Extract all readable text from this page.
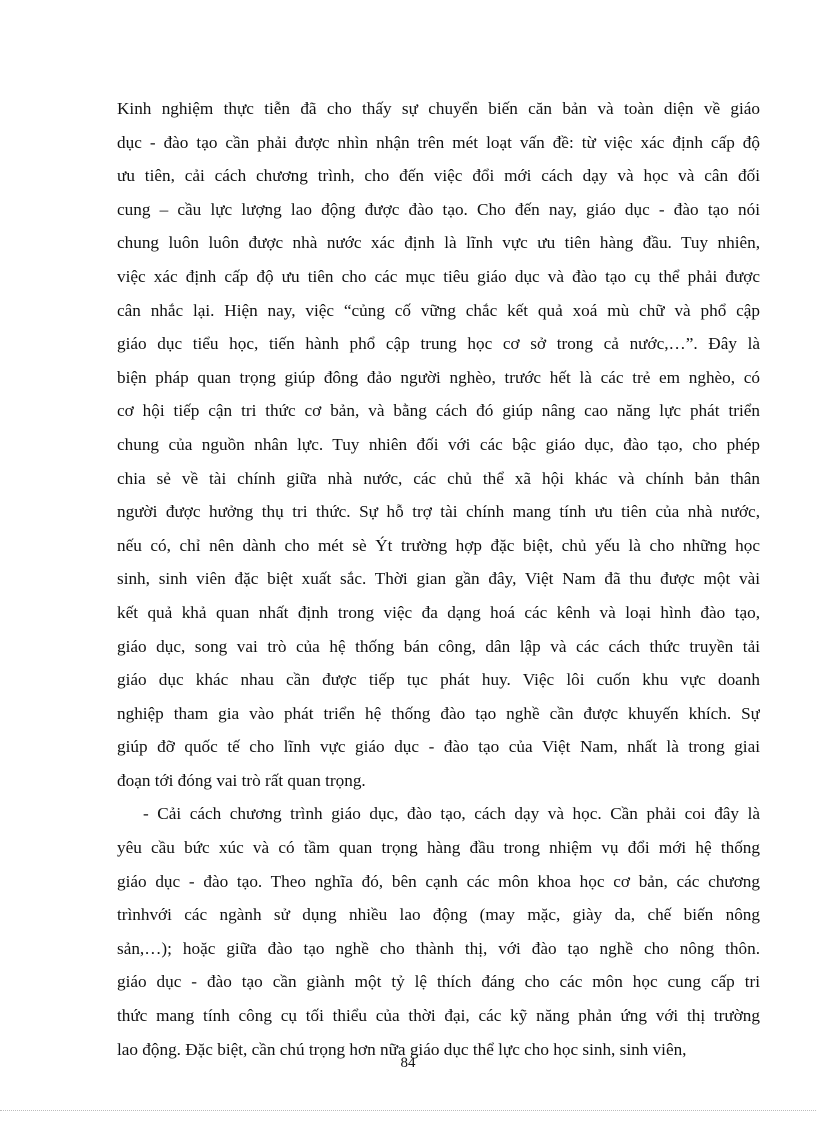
Kinh nghiệm thực tiễn đã cho thấy sự chuyển biến căn bản và toàn diện về giáo
dục - đào tạo cần phải được nhìn nhận trên mét loạt vấn đề: từ việc xác định cấp độ
ưu tiên, cải cách chương trình, cho đến việc đổi mới cách dạy và học và cân đối
cung – cầu lực lượng lao động được đào tạo. Cho đến nay, giáo dục - đào tạo nói
chung luôn luôn được nhà nước xác định là lĩnh vực ưu tiên hàng đầu. Tuy nhiên,
việc xác định cấp độ ưu tiên cho các mục tiêu giáo dục và đào tạo cụ thể phải được
cân nhắc lại. Hiện nay, việc “củng cố vững chắc kết quả xoá mù chữ và phổ cập
giáo dục tiểu học, tiến hành phổ cập trung học cơ sở trong cả nước,…”. Đây là
biện pháp quan trọng giúp đông đảo người nghèo, trước hết là các trẻ em nghèo, có
cơ hội tiếp cận tri thức cơ bản, và bằng cách đó giúp nâng cao năng lực phát triển
chung của nguồn nhân lực. Tuy nhiên đối với các bậc giáo dục, đào tạo, cho phép
chia sẻ về tài chính giữa nhà nước, các chủ thể xã hội khác và chính bản thân
người được hưởng thụ tri thức. Sự hỗ trợ tài chính mang tính ưu tiên của nhà nước,
nếu có, chỉ nên dành cho mét sè Ýt trường hợp đặc biệt, chủ yếu là cho những học
sinh, sinh viên đặc biệt xuất sắc. Thời gian gần đây, Việt Nam đã thu được một vài
kết quả khả quan nhất định trong việc đa dạng hoá các kênh và loại hình đào tạo,
giáo dục, song vai trò của hệ thống bán công, dân lập và các cách thức truyền tải
giáo dục khác nhau cần được tiếp tục phát huy. Việc lôi cuốn khu vực doanh
nghiệp tham gia vào phát triển hệ thống đào tạo nghề cần được khuyến khích. Sự
giúp đỡ quốc tế cho lĩnh vực giáo dục - đào tạo của Việt Nam, nhất là trong giai
đoạn tới đóng vai trò rất quan trọng.
- Cải cách chương trình giáo dục, đào tạo, cách dạy và học. Cần phải coi đây là
yêu cầu bức xúc và có tầm quan trọng hàng đầu trong nhiệm vụ đổi mới hệ thống
giáo dục - đào tạo. Theo nghĩa đó, bên cạnh các môn khoa học cơ bản, các chương
trìnhvới các ngành sử dụng nhiều lao động (may mặc, giày da, chế biến nông
sản,…); hoặc giữa đào tạo nghề cho thành thị, với đào tạo nghề cho nông thôn.
giáo dục - đào tạo cần giành một tỷ lệ thích đáng cho các môn học cung cấp tri
thức mang tính công cụ tối thiểu của thời đại, các kỹ năng phản ứng với thị trường
lao động. Đặc biệt, cần chú trọng hơn nữa giáo dục thể lực cho học sinh, sinh viên,
84
